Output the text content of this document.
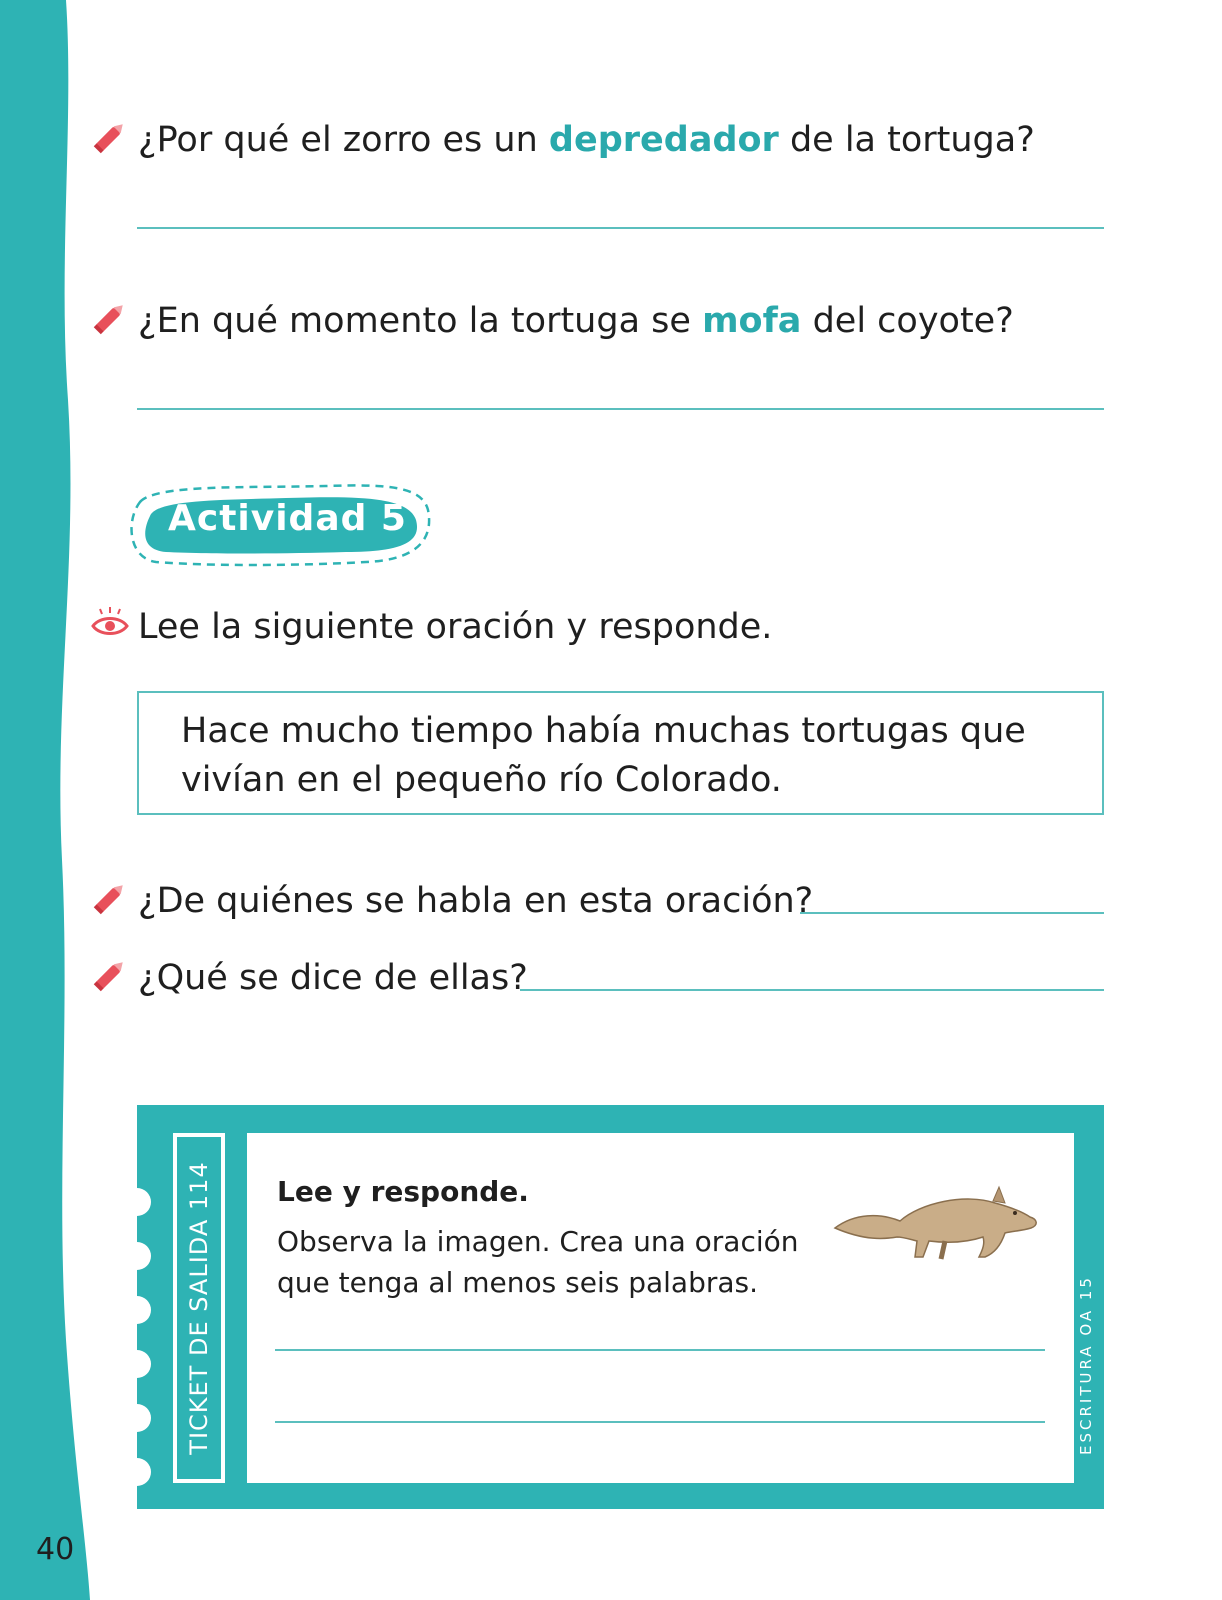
40
¿Por qué el zorro es un depredador de la tortuga?
¿En qué momento la tortuga se mofa del coyote?
Actividad 5
Lee la siguiente oración y responde.
Hace mucho tiempo había muchas tortugas que vivían en el pequeño río Colorado.
¿De quiénes se habla en esta oración?
¿Qué se dice de ellas?
TICKET DE SALIDA 114 Lee y responde.
Observa la imagen. Crea una oración que tenga al menos seis palabras.	ESCRITURA OA 15
